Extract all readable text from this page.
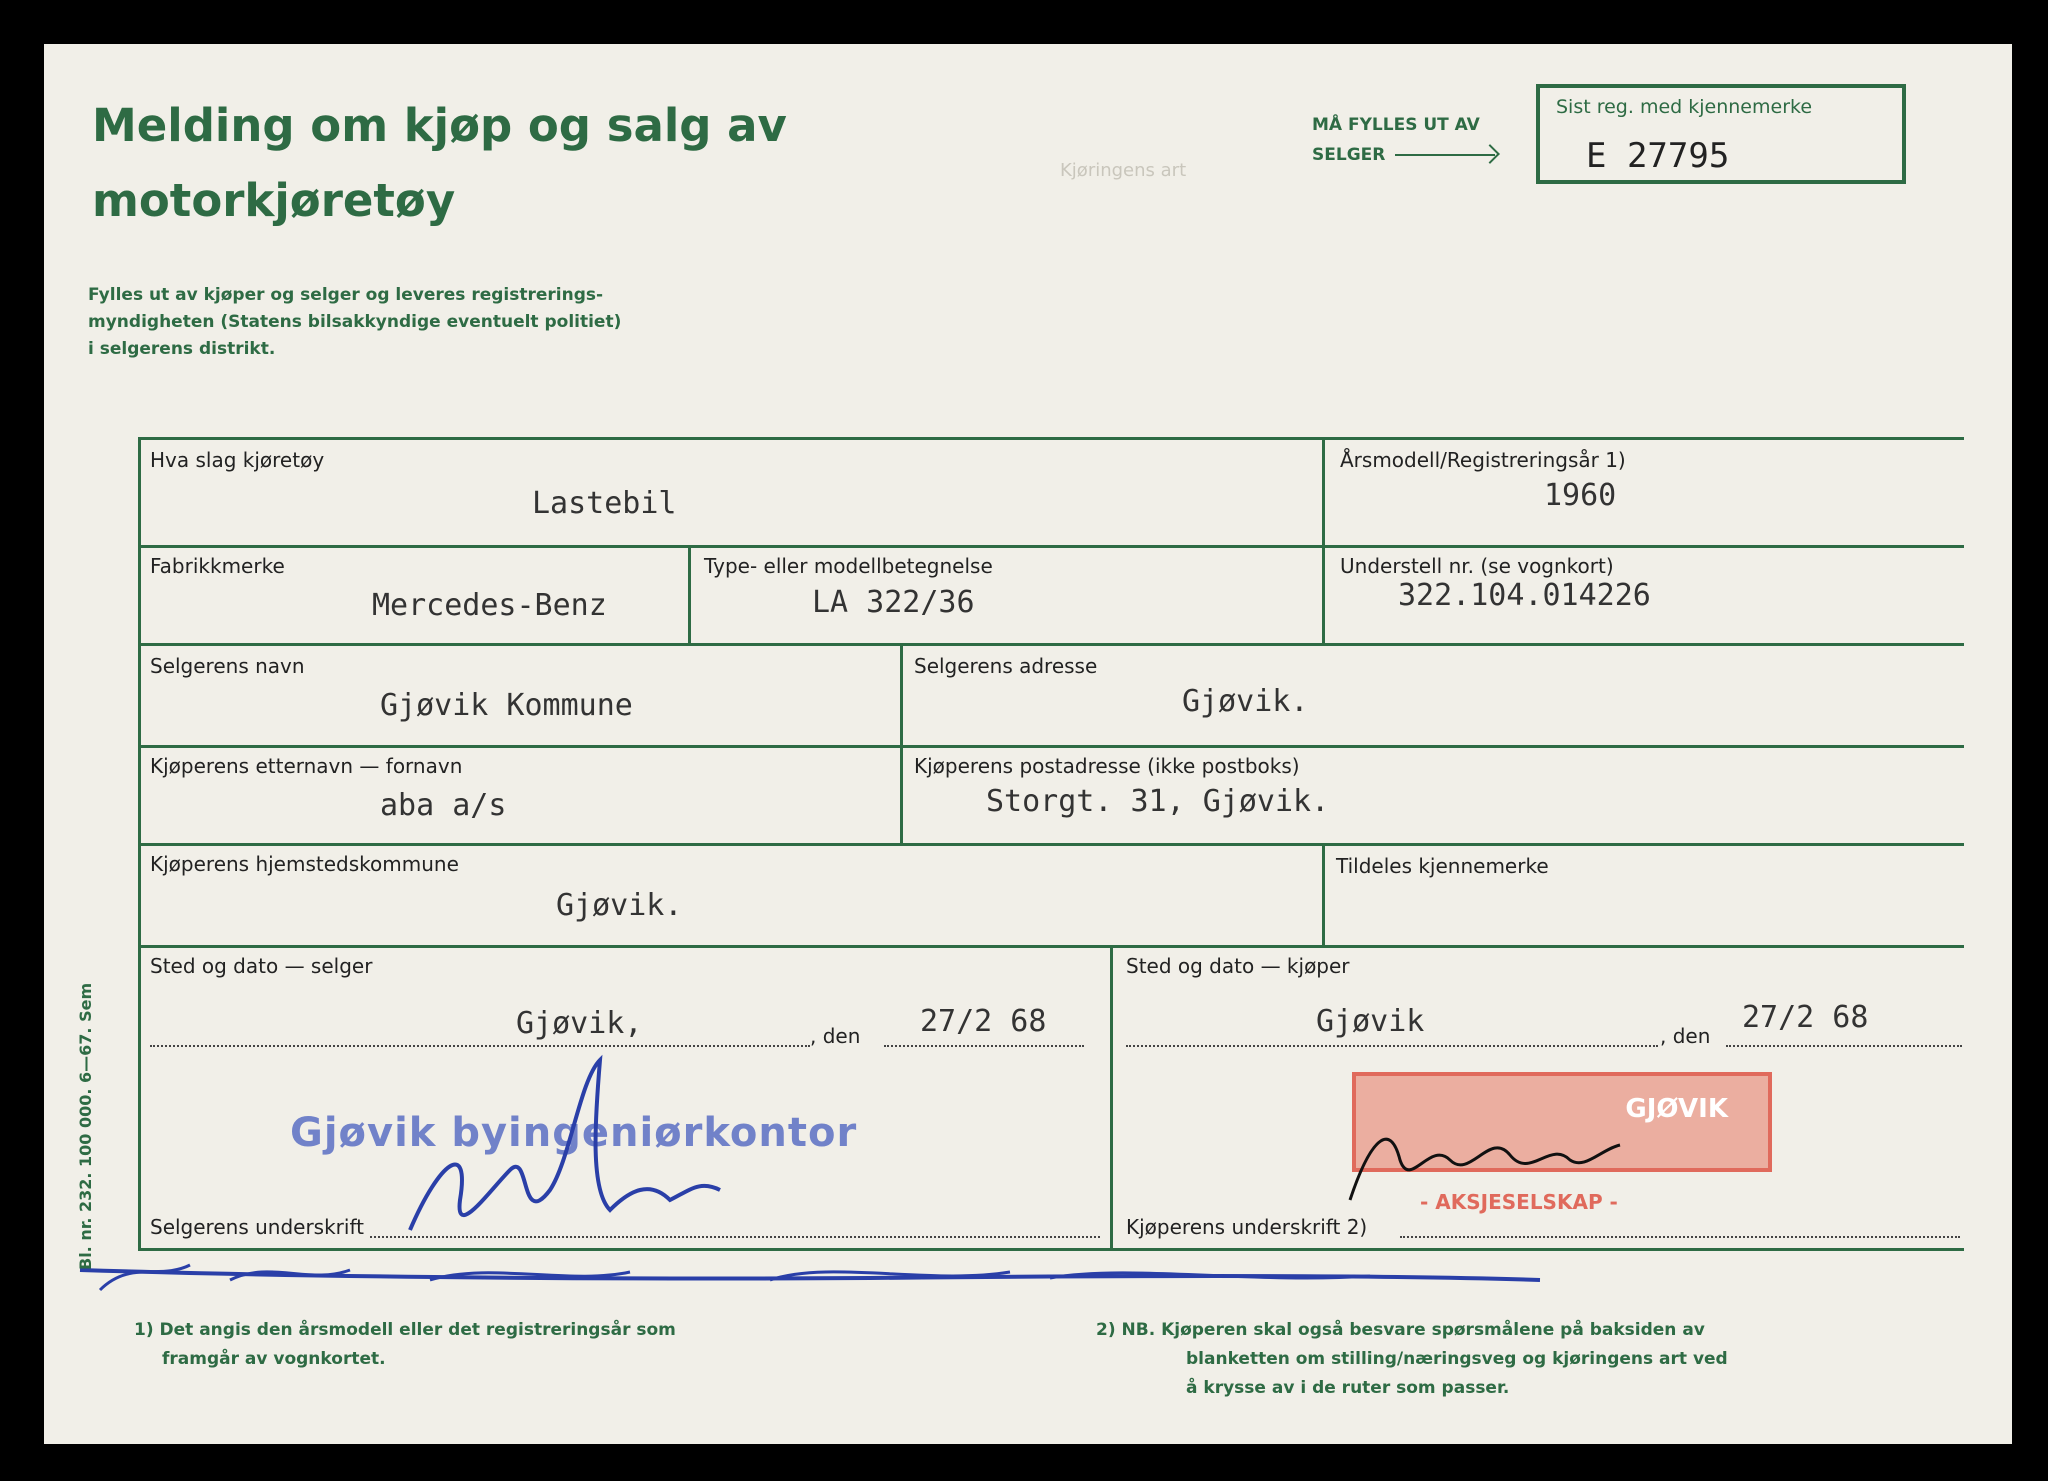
Kjøringens art
Melding om kjøp og salg av
motorkjøretøy
Fylles ut av kjøper og selger og leveres registrerings-
myndigheten (Statens bilsakkyndige eventuelt politiet)
i selgerens distrikt.
MÅ FYLLES UT AV
SELGER
Sist reg. med kjennemerke
E 27795
Hva slag kjøretøy
Lastebil
Årsmodell/Registreringsår 1)
1960
Fabrikkmerke
Mercedes-Benz
Type- eller modellbetegnelse
LA 322/36
Understell nr. (se vognkort)
322.104.014226
Selgerens navn
Gjøvik Kommune
Selgerens adresse
Gjøvik.
Kjøperens etternavn — fornavn
aba a/s
Kjøperens postadresse (ikke postboks)
Storgt. 31, Gjøvik.
Kjøperens hjemstedskommune
Gjøvik.
Tildeles kjennemerke
Sted og dato — selger
Gjøvik,	, den 27/2 68
Sted og dato — kjøper
Gjøvik	, den
27/2 68
Gjøvik byingeniørkontor
GJØVIK
- AKSJESELSKAP -
Selgerens underskrift	Kjøperens underskrift 2)
Bl. nr. 232. 100 000. 6—67. Sem
1) Det angis den årsmodell eller det registreringsår som
framgår av vognkortet.
2) NB. Kjøperen skal også besvare spørsmålene på baksiden av
blanketten om stilling/næringsveg og kjøringens art ved
å krysse av i de ruter som passer.
